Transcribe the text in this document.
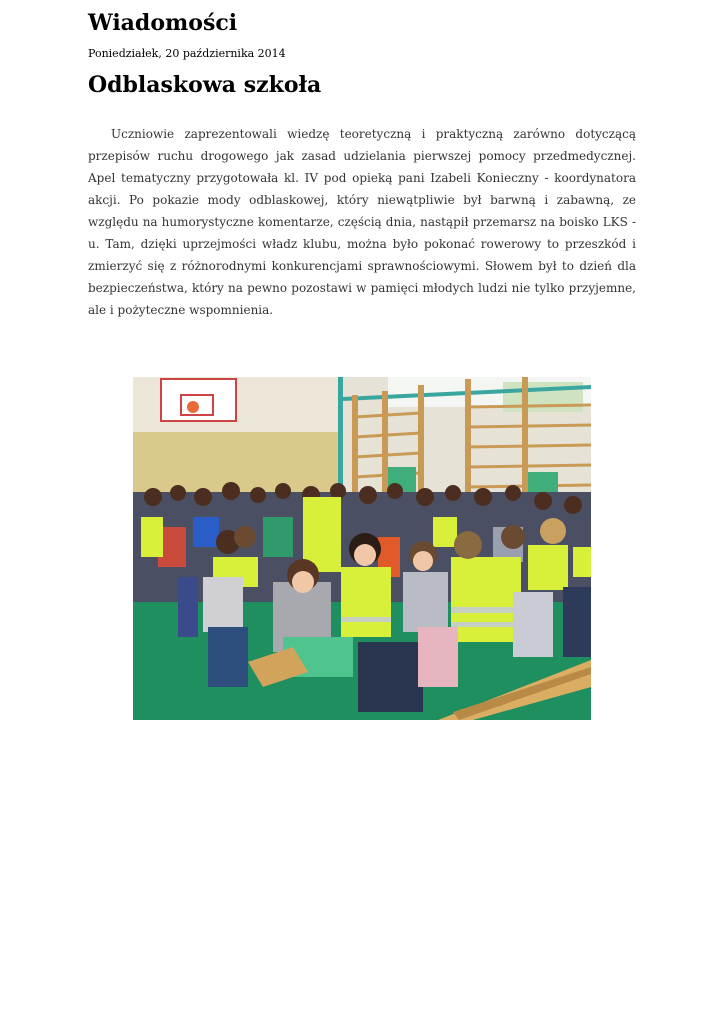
Wiadomości

Poniedziałek, 20 października 2014

Odblaskowa szkoła

Uczniowie zaprezentowali wiedzę teoretyczną i praktyczną zarówno dotyczącą przepisów ruchu drogowego jak zasad udzielania pierwszej pomocy przedmedycznej. Apel tematyczny przygotowała kl. IV pod opieką pani Izabeli Konieczny - koordynatora akcji. Po pokazie mody odblaskowej, który niewątpliwie był barwną i zabawną, ze względu na humorystyczne komentarze, częścią dnia, nastąpił przemarsz na boisko LKS - u. Tam, dzięki uprzejmości władz klubu, można było pokonać rowerowy to przeszkód i zmierzyć się z różnorodnymi konkurencjami sprawnościowymi. Słowem był to dzień dla bezpieczeństwa, który na pewno pozostawi w pamięci młodych ludzi nie tylko przyjemne, ale i pożyteczne wspomnienia.
